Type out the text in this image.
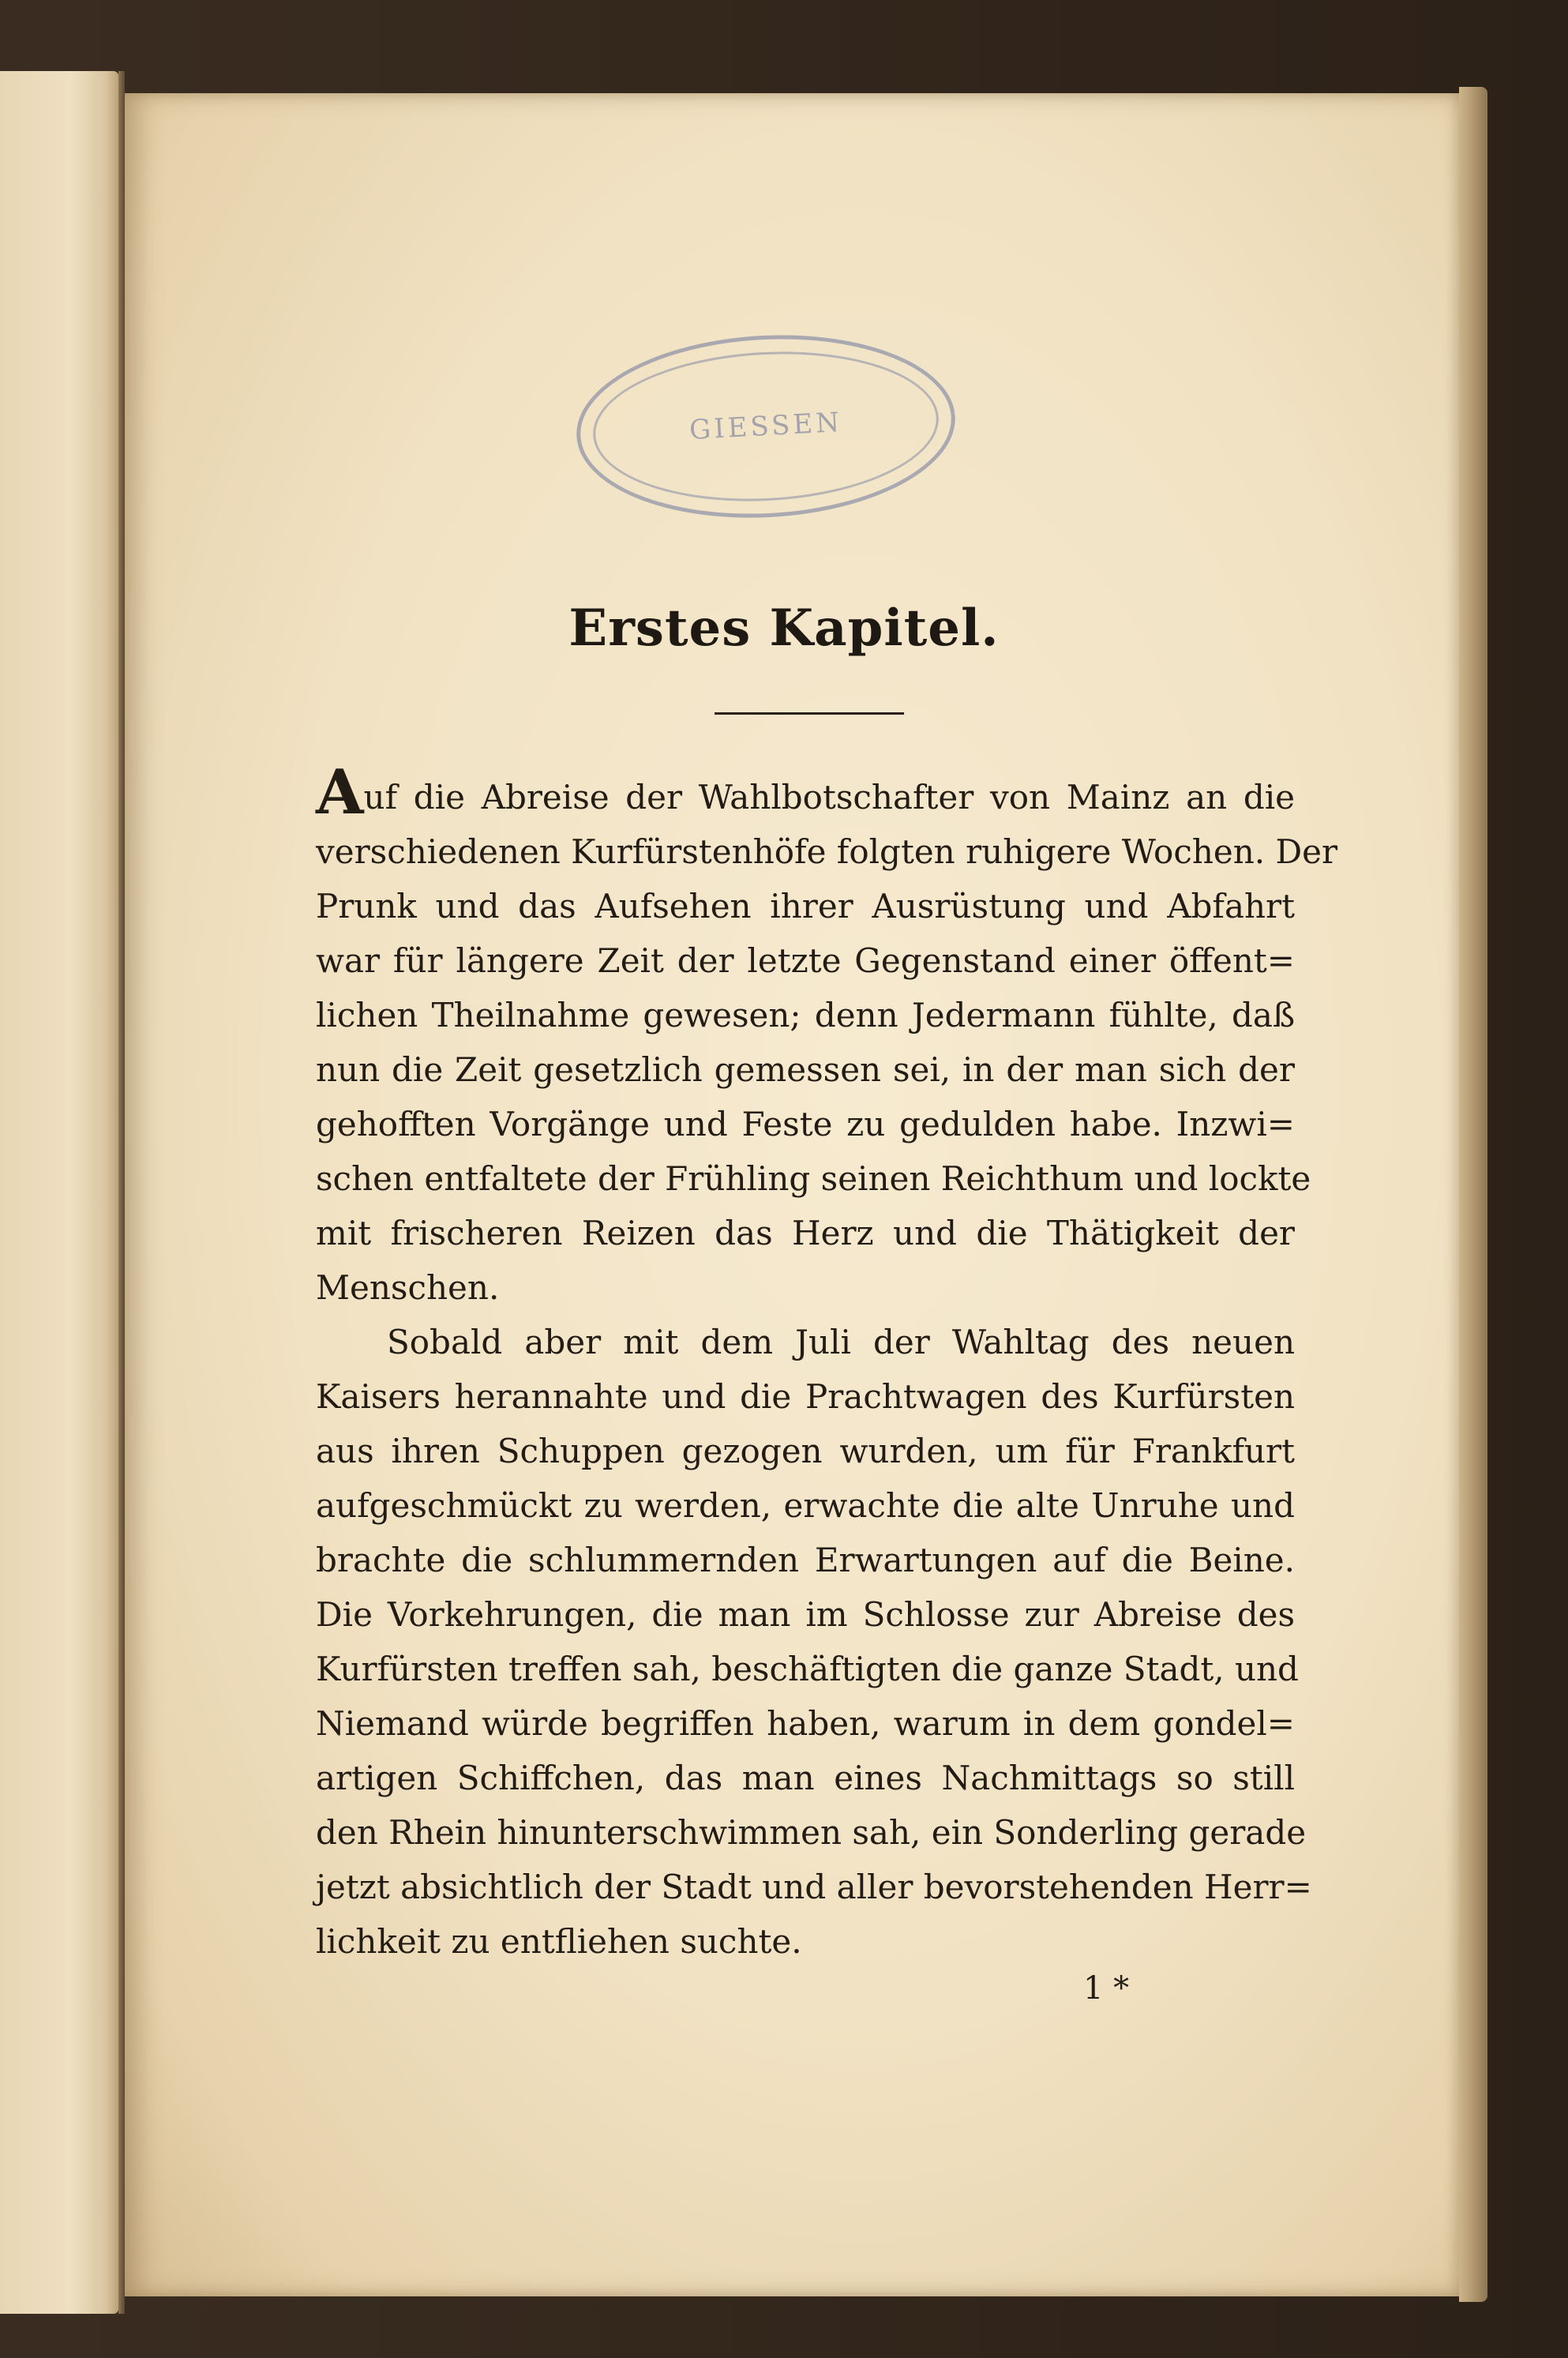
GIESSEN
Erstes Kapitel.
Auf die Abreise der Wahlbotschafter von Mainz an die
verschiedenen Kurfürstenhöfe folgten ruhigere Wochen. Der
Prunk und das Aufsehen ihrer Ausrüstung und Abfahrt
war für längere Zeit der letzte Gegenstand einer öffent=
lichen Theilnahme gewesen; denn Jedermann fühlte, daß
nun die Zeit gesetzlich gemessen sei, in der man sich der
gehofften Vorgänge und Feste zu gedulden habe. Inzwi=
schen entfaltete der Frühling seinen Reichthum und lockte
mit frischeren Reizen das Herz und die Thätigkeit der
Menschen.
Sobald aber mit dem Juli der Wahltag des neuen
Kaisers herannahte und die Prachtwagen des Kurfürsten
aus ihren Schuppen gezogen wurden, um für Frankfurt
aufgeschmückt zu werden, erwachte die alte Unruhe und
brachte die schlummernden Erwartungen auf die Beine.
Die Vorkehrungen, die man im Schlosse zur Abreise des
Kurfürsten treffen sah, beschäftigten die ganze Stadt, und
Niemand würde begriffen haben, warum in dem gondel=
artigen Schiffchen, das man eines Nachmittags so still
den Rhein hinunterschwimmen sah, ein Sonderling gerade
jetzt absichtlich der Stadt und aller bevorstehenden Herr=
lichkeit zu entfliehen suchte.
1 *
